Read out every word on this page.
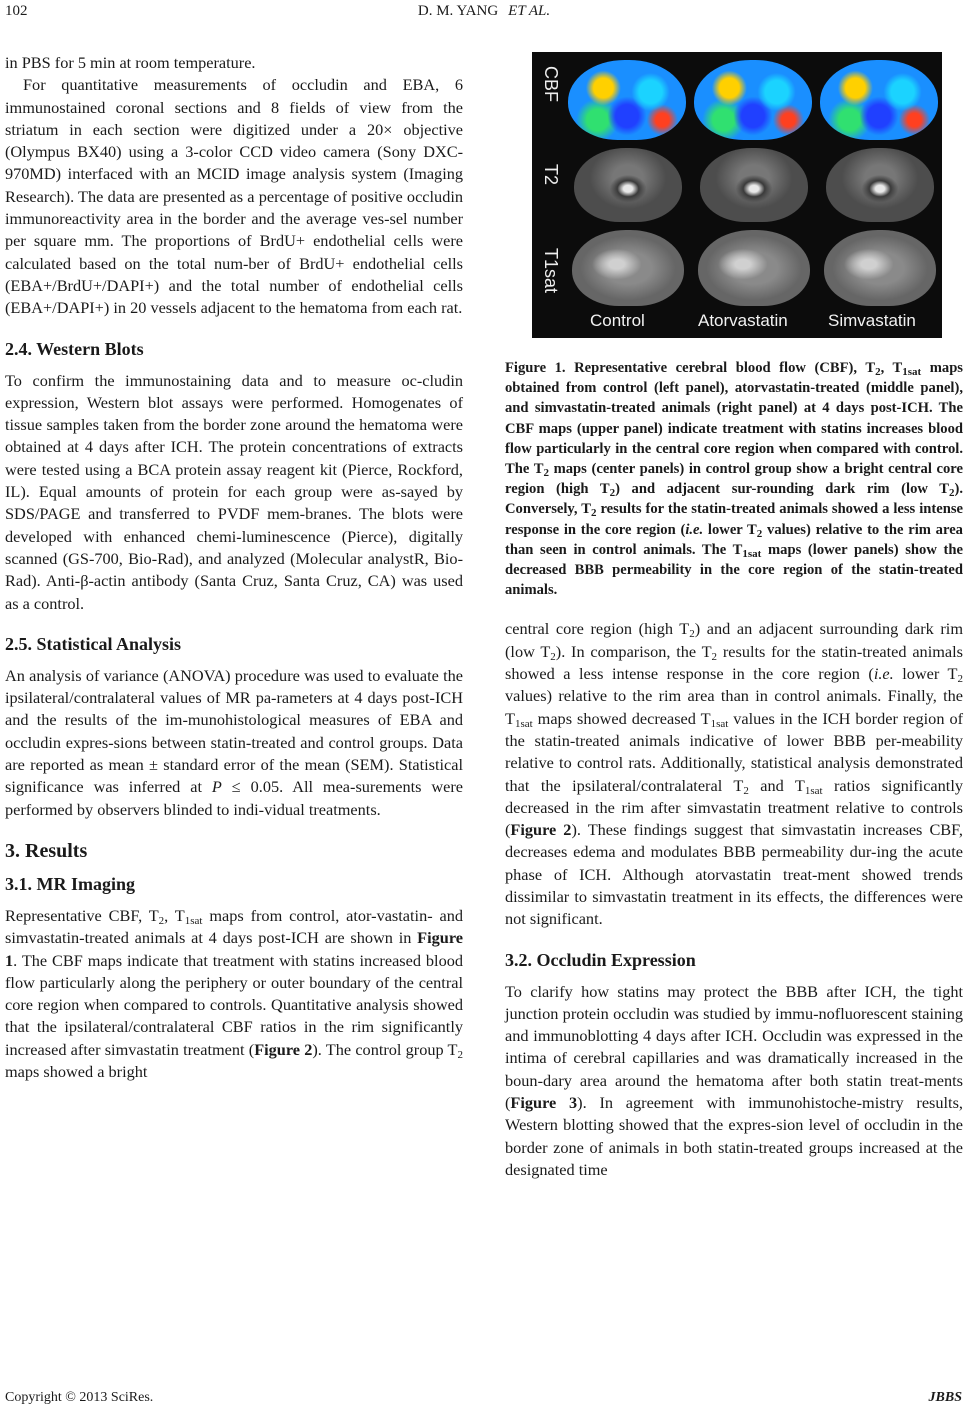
102	D. M. YANG ET AL.

in PBS for 5 min at room temperature.

For quantitative measurements of occludin and EBA, 6 immunostained coronal sections and 8 fields of view from the striatum in each section were digitized under a 20× objective (Olympus BX40) using a 3-color CCD video camera (Sony DXC-970MD) interfaced with an MCID image analysis system (Imaging Research). The data are presented as a percentage of positive occludin immunoreactivity area in the border and the average ves-sel number per square mm. The proportions of BrdU+ endothelial cells were calculated based on the total num-ber of BrdU+ endothelial cells (EBA+/BrdU+/DAPI+) and the total number of endothelial cells (EBA+/DAPI+) in 20 vessels adjacent to the hematoma from each rat.

2.4. Western Blots

To confirm the immunostaining data and to measure oc-cludin expression, Western blot assays were performed. Homogenates of tissue samples taken from the border zone around the hematoma were obtained at 4 days after ICH. The protein concentrations of extracts were tested using a BCA protein assay reagent kit (Pierce, Rockford, IL). Equal amounts of protein for each group were as-sayed by SDS/PAGE and transferred to PVDF mem-branes. The blots were developed with enhanced chemi-luminescence (Pierce), digitally scanned (GS-700, Bio-Rad), and analyzed (Molecular analystR, Bio-Rad). Anti-β-actin antibody (Santa Cruz, Santa Cruz, CA) was used as a control.

2.5. Statistical Analysis

An analysis of variance (ANOVA) procedure was used to evaluate the ipsilateral/contralateral values of MR pa-rameters at 4 days post-ICH and the results of the im-munohistological measures of EBA and occludin expres-sions between statin-treated and control groups. Data are reported as mean ± standard error of the mean (SEM). Statistical significance was inferred at P ≤ 0.05. All mea-surements were performed by observers blinded to indi-vidual treatments.

3. Results
3.1. MR Imaging

Representative CBF, $T_2$, $T_{1sat}$ maps from control, ator-vastatin- and simvastatin-treated animals at 4 days post-ICH are shown in Figure 1. The CBF maps indicate that treatment with statins increased blood flow particularly along the periphery or outer boundary of the central core region when compared to controls. Quantitative analysis showed that the ipsilateral/contralateral CBF ratios in the rim significantly increased after simvastatin treatment (Figure 2). The control group $T_2$ maps showed a bright

CBF
T2
T1sat
Control	Atorvastatin Simvastatin

Figure 1. Representative cerebral blood flow (CBF), $T_2$, $T_{1sat}$ maps obtained from control (left panel), atorvastatin-treated (middle panel), and simvastatin-treated animals (right panel) at 4 days post-ICH. The CBF maps (upper panel) indicate treatment with statins increases blood flow particularly in the central core region when compared with control. The $T_2$ maps (center panels) in control group show a bright central core region (high $T_2$) and adjacent sur-rounding dark rim (low $T_2$). Conversely, $T_2$ results for the statin-treated animals showed a less intense response in the core region (i.e. lower $T_2$ values) relative to the rim area than seen in control animals. The $T_{1sat}$ maps (lower panels) show the decreased BBB permeability in the core region of the statin-treated animals.

central core region (high $T_2$) and an adjacent surrounding dark rim (low $T_2$). In comparison, the $T_2$ results for the statin-treated animals showed a less intense response in the core region (i.e. lower $T_2$ values) relative to the rim area than in control animals. Finally, the $T_{1sat}$ maps showed decreased $T_{1sat}$ values in the ICH border region of the statin-treated animals indicative of lower BBB per-meability relative to control rats. Additionally, statistical analysis demonstrated that the ipsilateral/contralateral $T_2$ and $T_{1sat}$ ratios significantly decreased in the rim after simvastatin treatment relative to controls (Figure 2). These findings suggest that simvastatin increases CBF, decreases edema and modulates BBB permeability dur-ing the acute phase of ICH. Although atorvastatin treat-ment showed trends dissimilar to simvastatin treatment in its effects, the differences were not significant.

3.2. Occludin Expression

To clarify how statins may protect the BBB after ICH, the tight junction protein occludin was studied by immu-nofluorescent staining and immunoblotting 4 days after ICH. Occludin was expressed in the intima of cerebral capillaries and was dramatically increased in the boun-dary area around the hematoma after both statin treat-ments (Figure 3). In agreement with immunohistoche-mistry results, Western blotting showed that the expres-sion level of occludin in the border zone of animals in both statin-treated groups increased at the designated time

Copyright © 2013 SciRes.	JBBS
